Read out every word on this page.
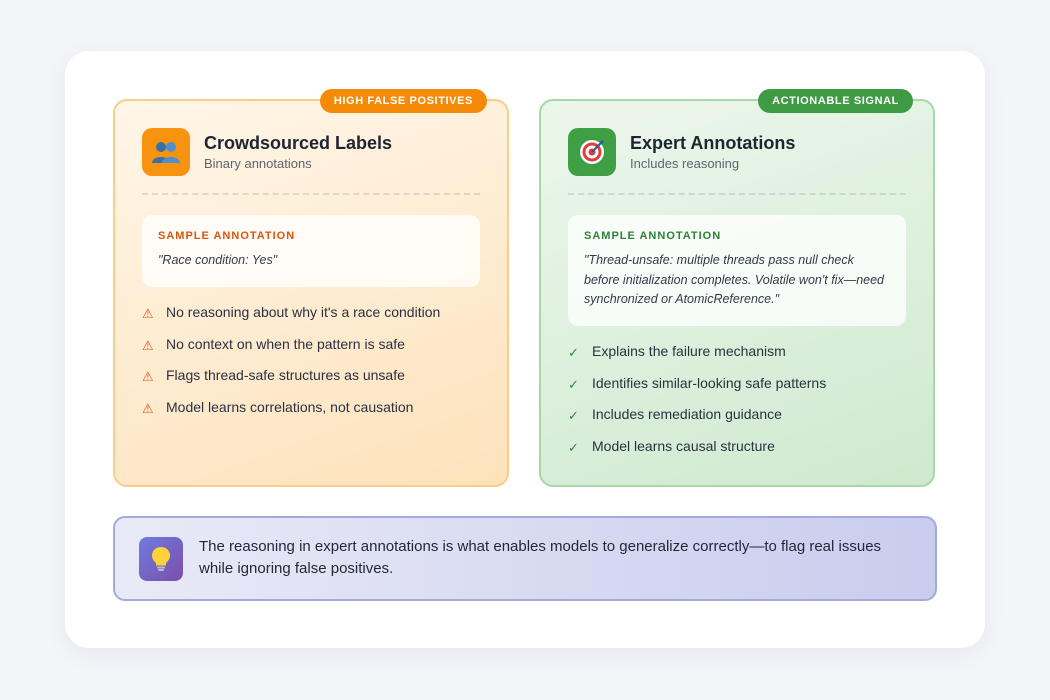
HIGH FALSE POSITIVES
Crowdsourced Labels
Binary annotations
SAMPLE ANNOTATION
"Race condition: Yes"
⚠ No reasoning about why it's a race condition
⚠ No context on when the pattern is safe
⚠ Flags thread-safe structures as unsafe
⚠ Model learns correlations, not causation
ACTIONABLE SIGNAL
Expert Annotations
Includes reasoning
SAMPLE ANNOTATION
"Thread-unsafe: multiple threads pass null check before initialization completes. Volatile won't fix—need synchronized or AtomicReference."
✓ Explains the failure mechanism
✓ Identifies similar-looking safe patterns
✓ Includes remediation guidance
✓ Model learns causal structure
The reasoning in expert annotations is what enables models to generalize correctly—to flag real issues while ignoring false positives.
